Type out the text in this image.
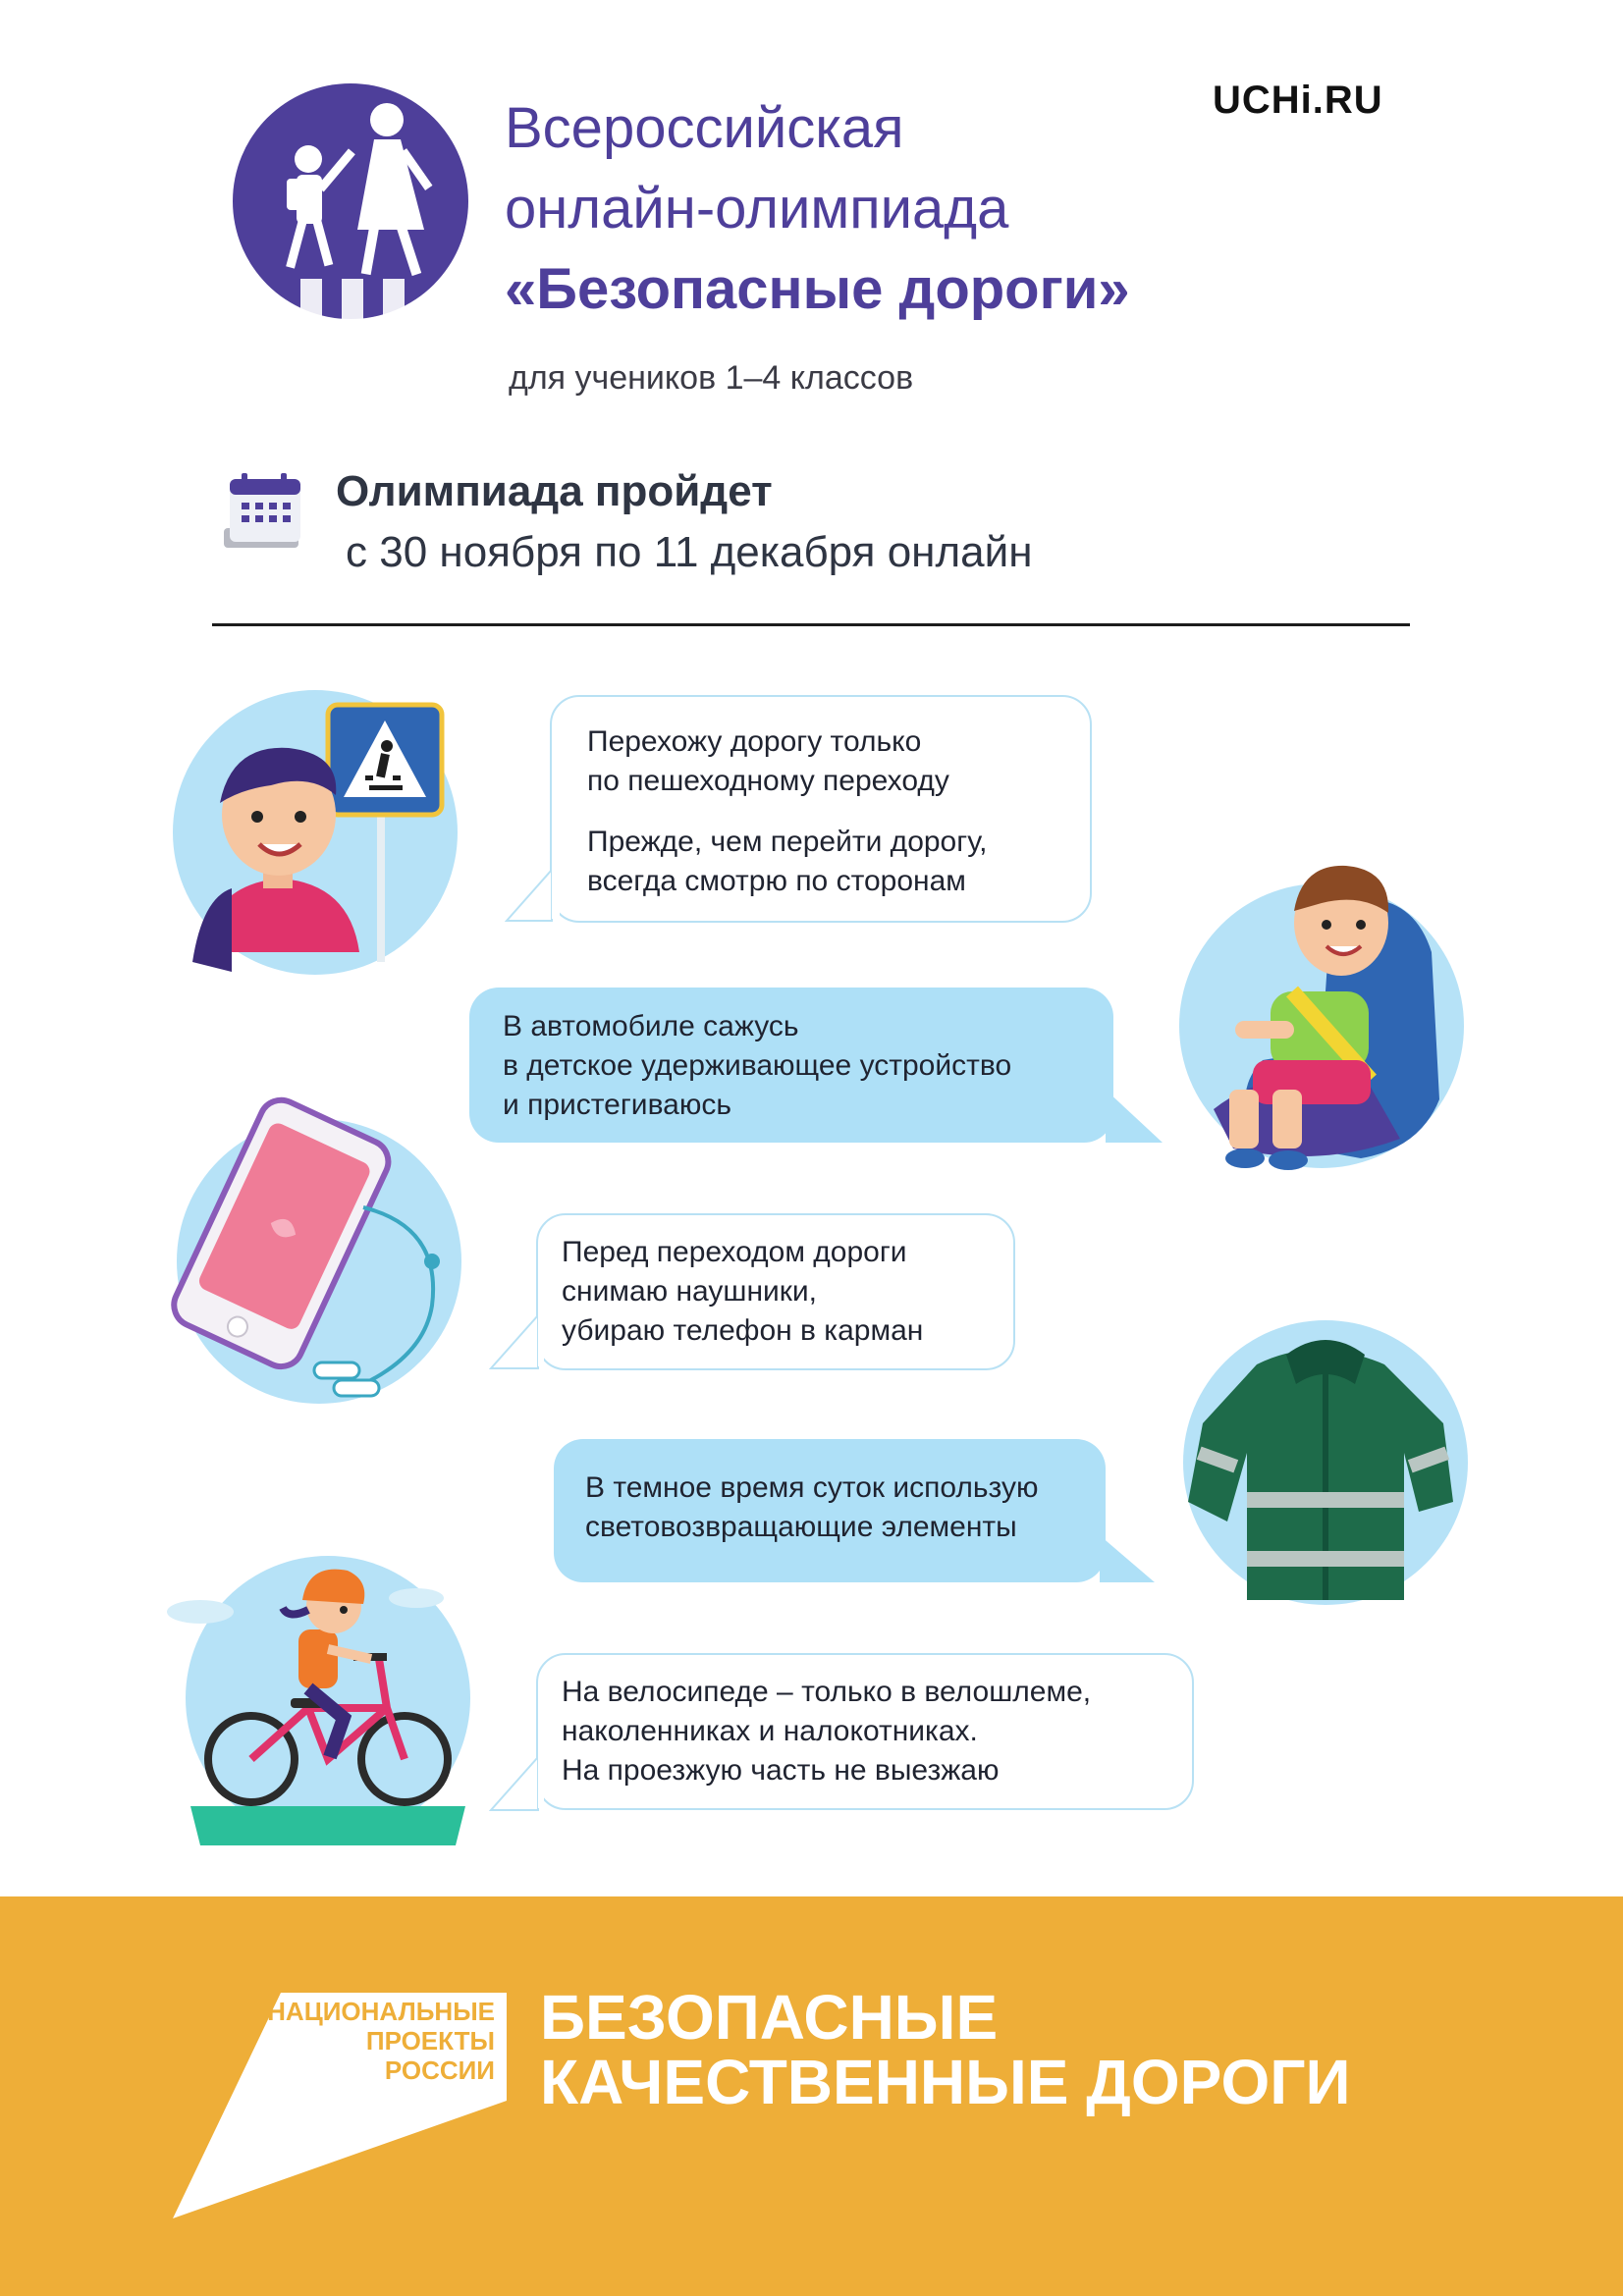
Всероссийская
онлайн-олимпиада
«Безопасные дороги»
UCHi.RU
для учеников 1–4 классов
Олимпиада пройдет
с 30 ноября по 11 декабря онлайн

Перехожу дорогу только

по пешеходному переходу

Прежде, чем перейти дорогу,

всегда смотрю по сторонам

В автомобиле сажусь

в детское удерживающее устройство

и пристегиваюсь

Перед переходом дороги

снимаю наушники,

убираю телефон в карман

В темное время суток использую

световозвращающие элементы

На велосипеде – только в велошлеме,

наколенниках и налокотниках.

На проезжую часть не выезжаю

НАЦИОНАЛЬНЫЕ
ПРОЕКТЫ
РОССИИ
БЕЗОПАСНЫЕ
КАЧЕСТВЕННЫЕ ДОРОГИ
